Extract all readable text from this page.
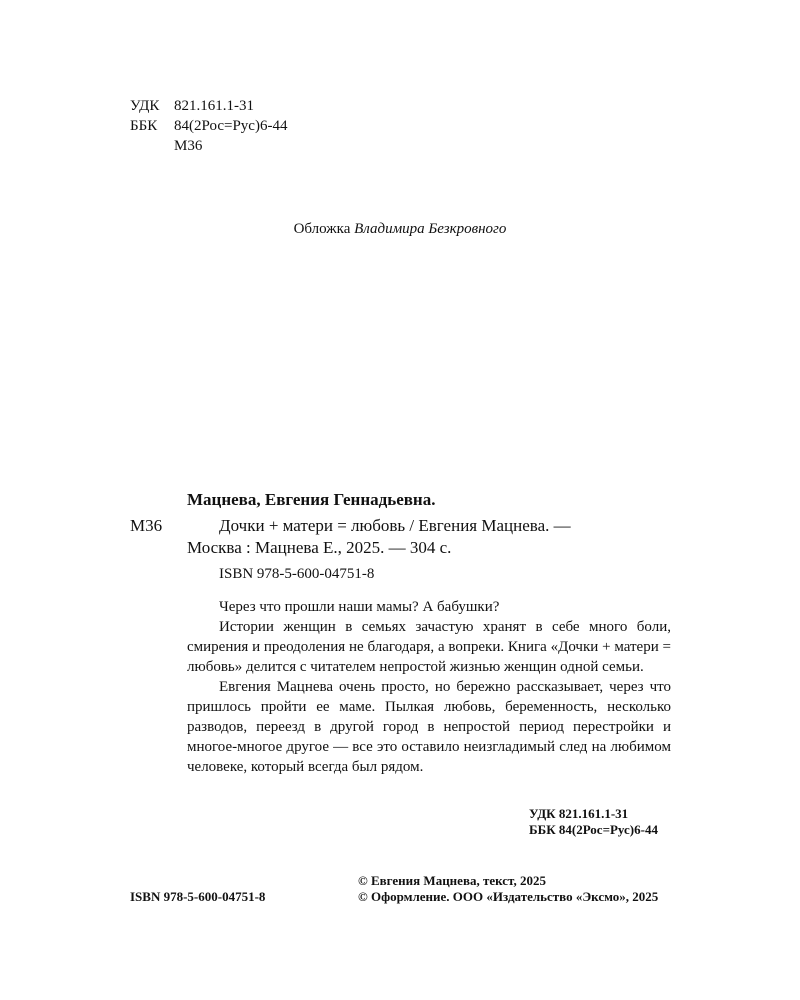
УДК 821.161.1-31
ББК	84(2Рос=Рус)6-44
М36
Обложка Владимира Безкровного
Мацнева, Евгения Геннадьевна.
М36	Дочки + матери = любовь / Евгения Мацнева. —
Москва : Мацнева Е., 2025. — 304 с.
ISBN 978-5-600-04751-8

Через что прошли наши мамы? А бабушки?

Истории женщин в семьях зачастую хранят в себе много боли, смирения и преодоления не благодаря, а вопреки. Книга «Дочки + матери = любовь» делится с читателем непростой жизнью женщин одной семьи.

Евгения Мацнева очень просто, но бережно рассказывает, через что пришлось пройти ее маме. Пылкая любовь, беременность, несколько разводов, переезд в другой город в непростой период перестройки и многое-многое другое — все это оставило неизгладимый след на любимом человеке, который всегда был рядом.

УДК 821.161.1-31
ББК 84(2Рос=Рус)6-44
ISBN 978-5-600-04751-8
© Евгения Мацнева, текст, 2025
© Оформление. ООО «Издательство «Эксмо», 2025
